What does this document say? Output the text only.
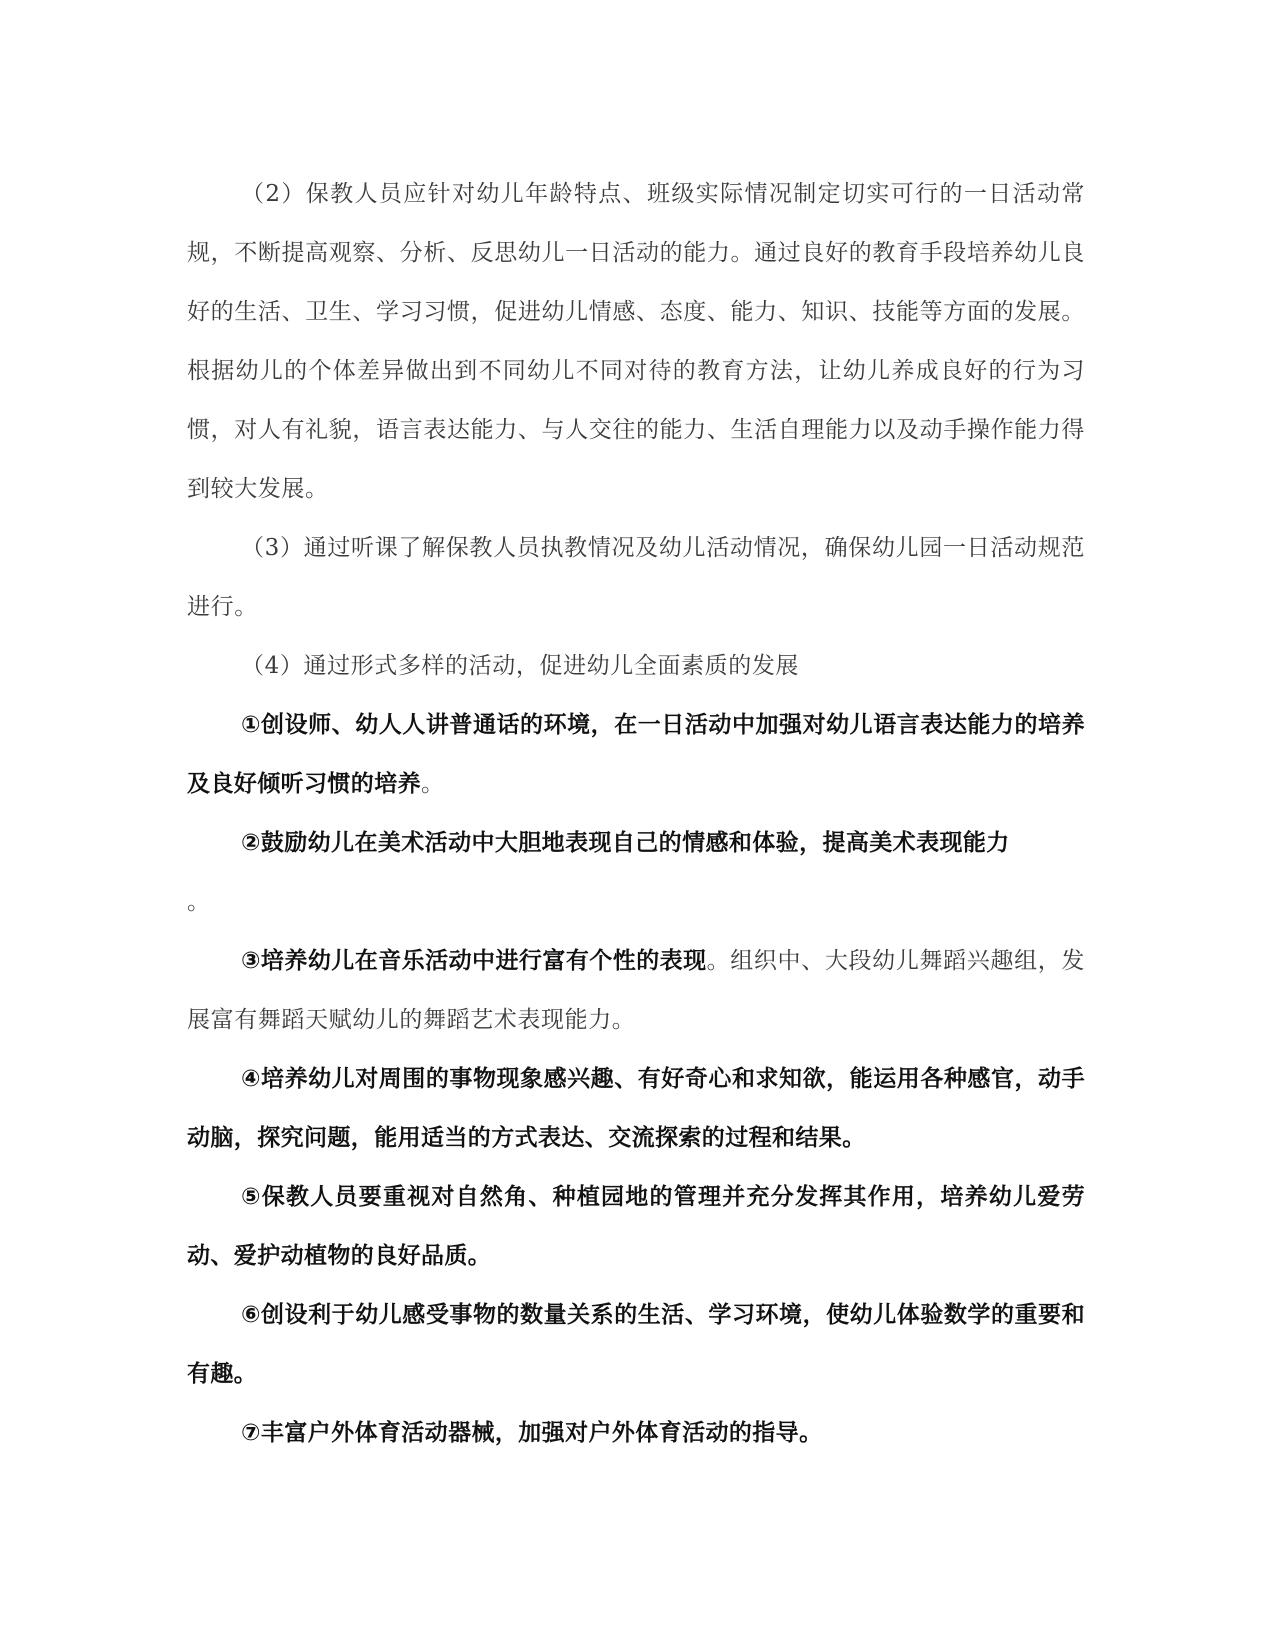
（2）保教人员应针对幼儿年龄特点、班级实际情况制定切实可行的一日活动常规，不断提高观察、分析、反思幼儿一日活动的能力。通过良好的教育手段培养幼儿良好的生活、卫生、学习习惯，促进幼儿情感、态度、能力、知识、技能等方面的发展。根据幼儿的个体差异做出到不同幼儿不同对待的教育方法，让幼儿养成良好的行为习惯，对人有礼貌，语言表达能力、与人交往的能力、生活自理能力以及动手操作能力得到较大发展。

（3）通过听课了解保教人员执教情况及幼儿活动情况，确保幼儿园一日活动规范进行。

（4）通过形式多样的活动，促进幼儿全面素质的发展

①创设师、幼人人讲普通话的环境，在一日活动中加强对幼儿语言表达能力的培养及良好倾听习惯的培养。

②鼓励幼儿在美术活动中大胆地表现自己的情感和体验，提高美术表现能力
。

③培养幼儿在音乐活动中进行富有个性的表现。组织中、大段幼儿舞蹈兴趣组，发展富有舞蹈天赋幼儿的舞蹈艺术表现能力。

④培养幼儿对周围的事物现象感兴趣、有好奇心和求知欲，能运用各种感官，动手动脑，探究问题，能用适当的方式表达、交流探索的过程和结果。

⑤保教人员要重视对自然角、种植园地的管理并充分发挥其作用，培养幼儿爱劳动、爱护动植物的良好品质。

⑥创设利于幼儿感受事物的数量关系的生活、学习环境，使幼儿体验数学的重要和有趣。

⑦丰富户外体育活动器械，加强对户外体育活动的指导。
